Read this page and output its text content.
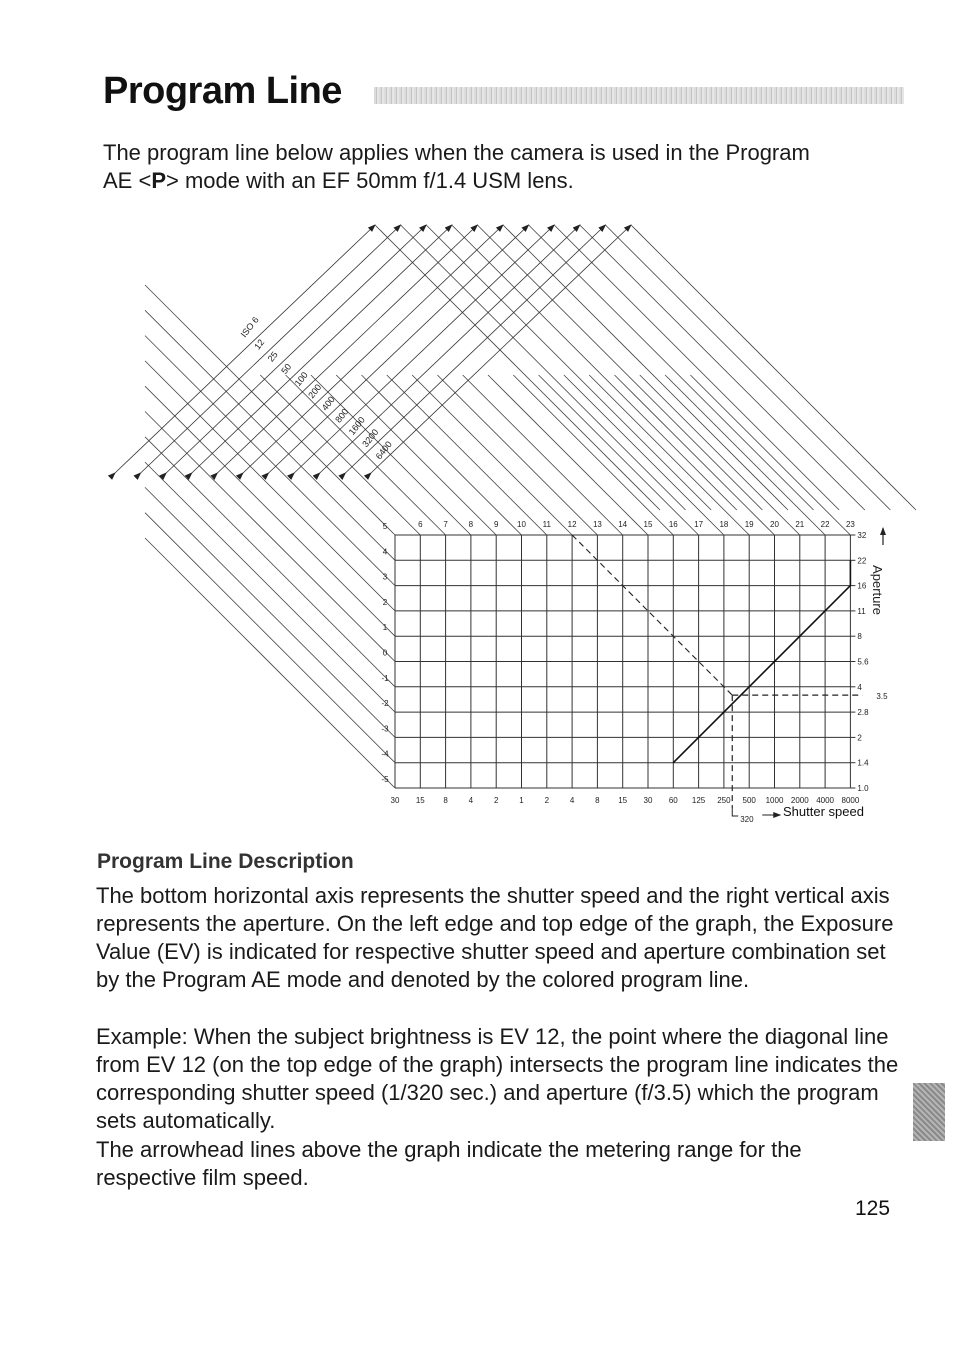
Program Line
The program line below applies when the camera is used in the Program
AE <P> mode with an EF 50mm f/1.4 USM lens.
ISO 6
12
25
50
100
200
400
800
1600
3200
6400
320
3.5
30 15 8	4	2	1	2	4	8 15 30 60 125 250 500 1000 2000 4000 8000
32
22
16
11
8
5.6
4
2.8
2
1.4
1.0
5
4
3
2
1
0
-1
-2
-3
-4
-5
6	7	8	9 10 11 12 13 14 15 16 17 18 19 20 21 22 23
Aperture
Shutter speed
Program Line Description

The bottom horizontal axis represents the shutter speed and the right vertical axis represents the aperture. On the left edge and top edge of the graph, the Exposure Value (EV) is indicated for respective shutter speed and aperture combination set by the Program AE mode and denoted by the colored program line.

Example: When the subject brightness is EV 12, the point where the diagonal line from EV 12 (on the top edge of the graph) intersects the program line indicates the corresponding shutter speed (1/320 sec.) and aperture (f/3.5) which the program sets automatically.

The arrowhead lines above the graph indicate the metering range for the respective film speed.

125
